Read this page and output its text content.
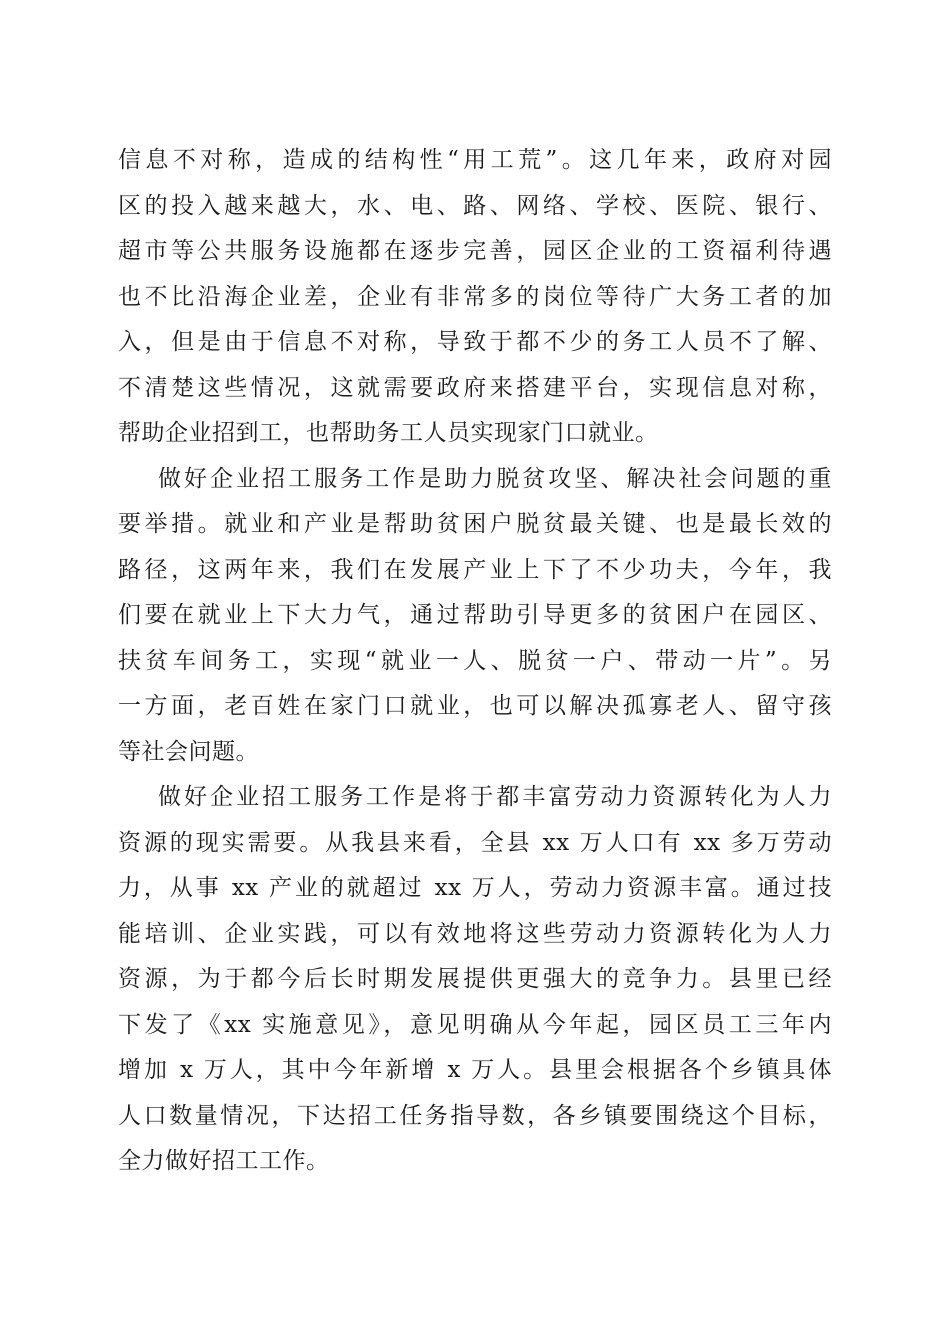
信息不对称，造成的结构性“用工荒”。这几年来，政府对园
区的投入越来越大，水、电、路、网络、学校、医院、银行、
超市等公共服务设施都在逐步完善，园区企业的工资福利待遇
也不比沿海企业差，企业有非常多的岗位等待广大务工者的加
入，但是由于信息不对称，导致于都不少的务工人员不了解、
不清楚这些情况，这就需要政府来搭建平台，实现信息对称，
帮助企业招到工，也帮助务工人员实现家门口就业。
做好企业招工服务工作是助力脱贫攻坚、解决社会问题的重
要举措。就业和产业是帮助贫困户脱贫最关键、也是最长效的
路径，这两年来，我们在发展产业上下了不少功夫，今年，我
们要在就业上下大力气，通过帮助引导更多的贫困户在园区、
扶贫车间务工，实现“就业一人、脱贫一户、带动一片”。另
一方面，老百姓在家门口就业，也可以解决孤寡老人、留守孩
等社会问题。
做好企业招工服务工作是将于都丰富劳动力资源转化为人力
资源的现实需要。从我县来看，全县 xx 万人口有 xx 多万劳动
力，从事 xx 产业的就超过 xx 万人，劳动力资源丰富。通过技
能培训、企业实践，可以有效地将这些劳动力资源转化为人力
资源，为于都今后长时期发展提供更强大的竞争力。县里已经
下发了《xx 实施意见》，意见明确从今年起，园区员工三年内
增加 x 万人，其中今年新增 x 万人。县里会根据各个乡镇具体
人口数量情况，下达招工任务指导数，各乡镇要围绕这个目标，
全力做好招工工作。
